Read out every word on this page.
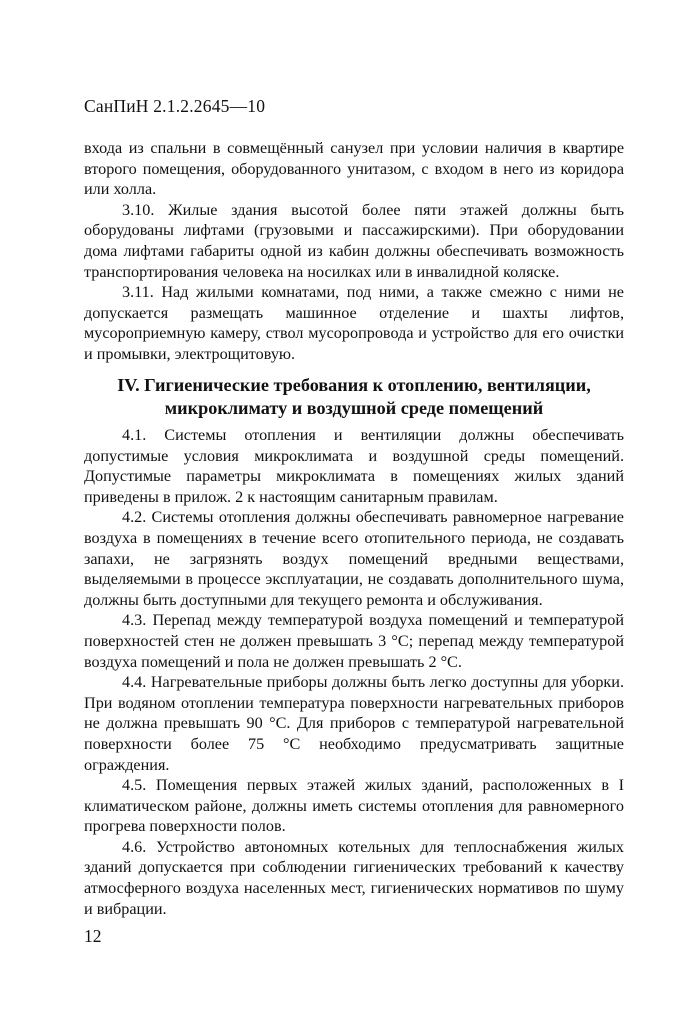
СанПиН 2.1.2.2645—10

входа из спальни в совмещённый санузел при условии наличия в квартире второго помещения, оборудованного унитазом, с входом в него из коридора или холла.

3.10. Жилые здания высотой более пяти этажей должны быть оборудованы лифтами (грузовыми и пассажирскими). При оборудовании дома лифтами габариты одной из кабин должны обеспечивать возможность транспортирования человека на носилках или в инвалидной коляске.

3.11. Над жилыми комнатами, под ними, а также смежно с ними не допускается размещать машинное отделение и шахты лифтов, мусороприемную камеру, ствол мусоропровода и устройство для его очистки и промывки, электрощитовую.

IV. Гигиенические требования к отоплению, вентиляции,
микроклимату и воздушной среде помещений

4.1. Системы отопления и вентиляции должны обеспечивать допустимые условия микроклимата и воздушной среды помещений. Допустимые параметры микроклимата в помещениях жилых зданий приведены в прилож. 2 к настоящим санитарным правилам.

4.2. Системы отопления должны обеспечивать равномерное нагревание воздуха в помещениях в течение всего отопительного периода, не создавать запахи, не загрязнять воздух помещений вредными веществами, выделяемыми в процессе эксплуатации, не создавать дополнительного шума, должны быть доступными для текущего ремонта и обслуживания.

4.3. Перепад между температурой воздуха помещений и температурой поверхностей стен не должен превышать 3 °С; перепад между температурой воздуха помещений и пола не должен превышать 2 °С.

4.4. Нагревательные приборы должны быть легко доступны для уборки. При водяном отоплении температура поверхности нагревательных приборов не должна превышать 90 °С. Для приборов с температурой нагревательной поверхности более 75 °С необходимо предусматривать защитные ограждения.

4.5. Помещения первых этажей жилых зданий, расположенных в I климатическом районе, должны иметь системы отопления для равномерного прогрева поверхности полов.

4.6. Устройство автономных котельных для теплоснабжения жилых зданий допускается при соблюдении гигиенических требований к качеству атмосферного воздуха населенных мест, гигиенических нормативов по шуму и вибрации.

12
